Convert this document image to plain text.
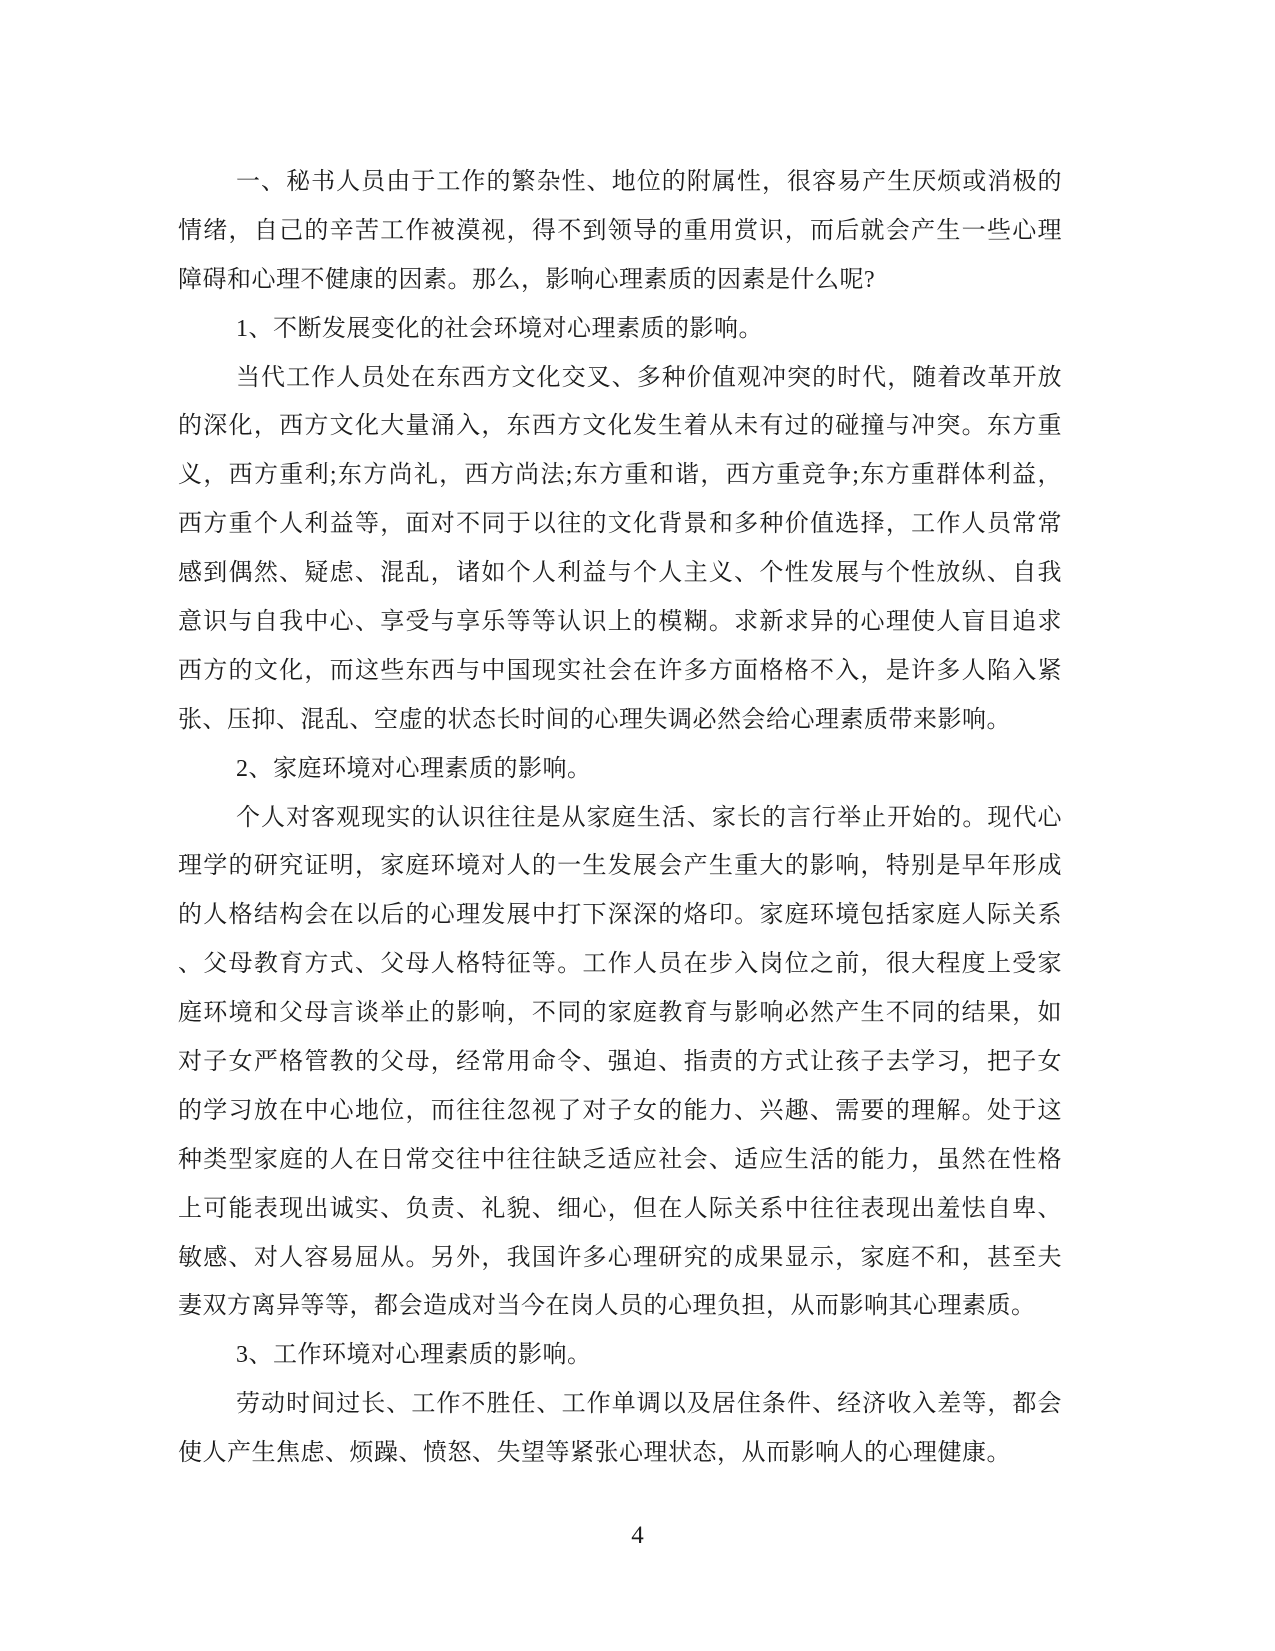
一、秘书人员由于工作的繁杂性、地位的附属性，很容易产生厌烦或消极的
情绪，自己的辛苦工作被漠视，得不到领导的重用赏识，而后就会产生一些心理
障碍和心理不健康的因素。那么，影响心理素质的因素是什么呢?
1、不断发展变化的社会环境对心理素质的影响。
当代工作人员处在东西方文化交叉、多种价值观冲突的时代，随着改革开放
的深化，西方文化大量涌入，东西方文化发生着从未有过的碰撞与冲突。东方重
义，西方重利;东方尚礼，西方尚法;东方重和谐，西方重竞争;东方重群体利益，
西方重个人利益等，面对不同于以往的文化背景和多种价值选择，工作人员常常
感到偶然、疑虑、混乱，诸如个人利益与个人主义、个性发展与个性放纵、自我
意识与自我中心、享受与享乐等等认识上的模糊。求新求异的心理使人盲目追求
西方的文化，而这些东西与中国现实社会在许多方面格格不入，是许多人陷入紧
张、压抑、混乱、空虚的状态长时间的心理失调必然会给心理素质带来影响。
2、家庭环境对心理素质的影响。
个人对客观现实的认识往往是从家庭生活、家长的言行举止开始的。现代心
理学的研究证明，家庭环境对人的一生发展会产生重大的影响，特别是早年形成
的人格结构会在以后的心理发展中打下深深的烙印。家庭环境包括家庭人际关系
、父母教育方式、父母人格特征等。工作人员在步入岗位之前，很大程度上受家
庭环境和父母言谈举止的影响，不同的家庭教育与影响必然产生不同的结果，如
对子女严格管教的父母，经常用命令、强迫、指责的方式让孩子去学习，把子女
的学习放在中心地位，而往往忽视了对子女的能力、兴趣、需要的理解。处于这
种类型家庭的人在日常交往中往往缺乏适应社会、适应生活的能力，虽然在性格
上可能表现出诚实、负责、礼貌、细心，但在人际关系中往往表现出羞怯自卑、
敏感、对人容易屈从。另外，我国许多心理研究的成果显示，家庭不和，甚至夫
妻双方离异等等，都会造成对当今在岗人员的心理负担，从而影响其心理素质。
3、工作环境对心理素质的影响。
劳动时间过长、工作不胜任、工作单调以及居住条件、经济收入差等，都会
使人产生焦虑、烦躁、愤怒、失望等紧张心理状态，从而影响人的心理健康。
4
